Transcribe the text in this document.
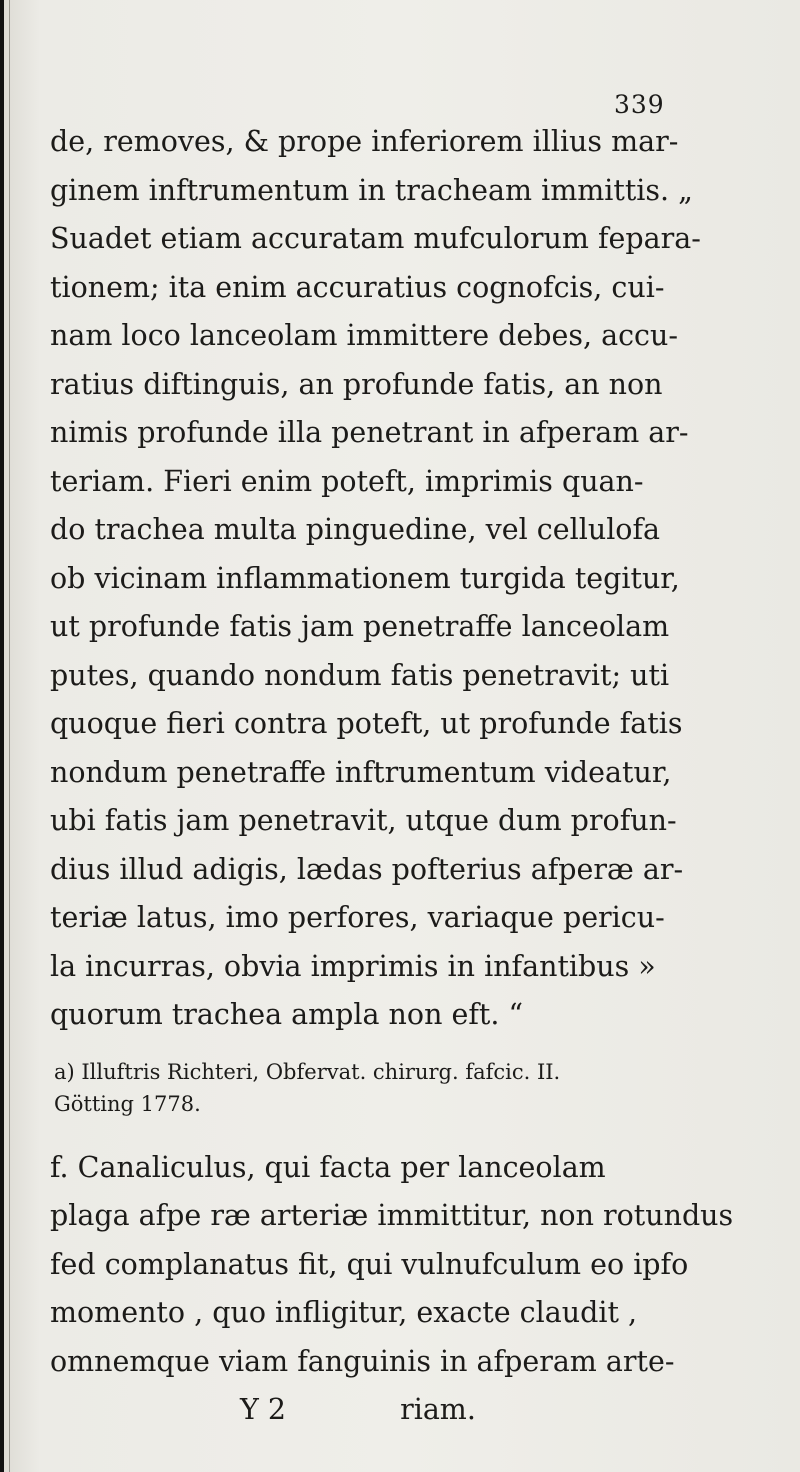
339
de, removes, & prope inferiorem illius mar-
ginem inftrumentum in tracheam immittis. „
Suadet etiam accuratam mufculorum fepara-
tionem; ita enim accuratius cognofcis, cui-
nam loco lanceolam immittere debes, accu-
ratius diftinguis, an profunde fatis, an non
nimis profunde illa penetrant in afperam ar-
teriam. Fieri enim poteft, imprimis quan-
do trachea multa pinguedine, vel cellulofa
ob vicinam inflammationem turgida tegitur,
ut profunde fatis jam penetraffe lanceolam
putes, quando nondum fatis penetravit; uti
quoque fieri contra poteft, ut profunde fatis
nondum penetraffe inftrumentum videatur,
ubi fatis jam penetravit, utque dum profun-
dius illud adigis, lædas pofterius afperæ ar-
teriæ latus, imo perfores, variaque pericu-
la incurras, obvia imprimis in infantibus »
quorum trachea ampla non eft. “
a) Illuftris Richteri, Obfervat. chirurg. fafcic. II.
Götting 1778.
f. Canaliculus, qui facta per lanceolam
plaga afpe ræ arteriæ immittitur, non rotundus
fed complanatus fit, qui vulnufculum eo ipfo
momento , quo infligitur, exacte claudit ,
omnemque viam fanguinis in afperam arte-
Y 2	riam.
